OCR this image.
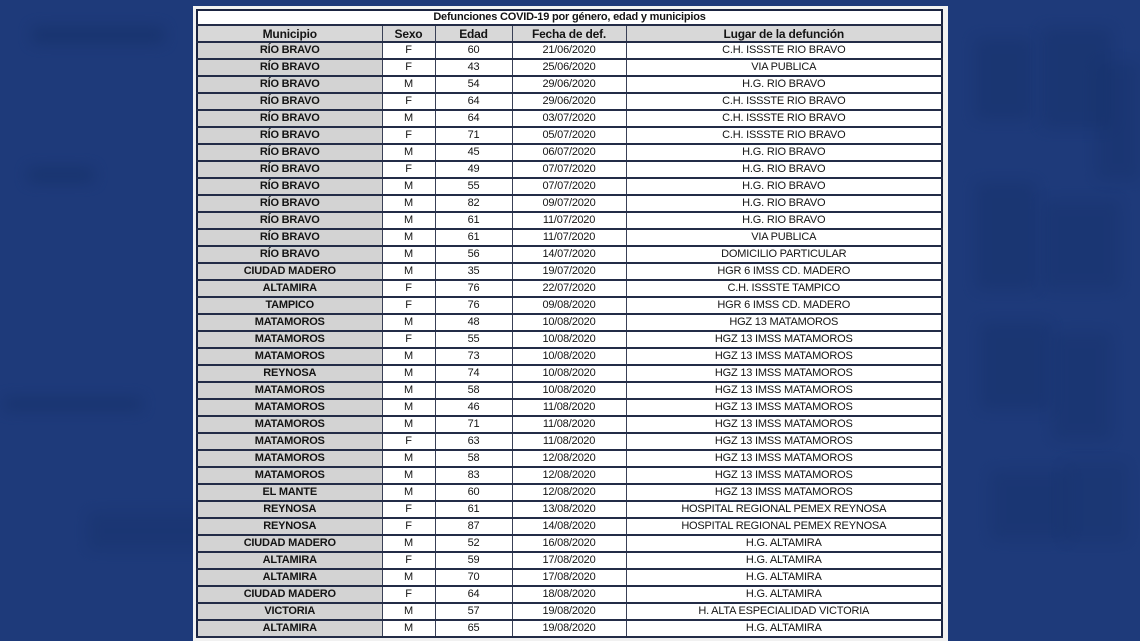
Defunciones COVID-19 por género, edad y municipios				
Municipio	Sexo	Edad	Fecha de def.	Lugar de la defunción
RÍO BRAVO	F	60	21/06/2020	C.H. ISSSTE RIO BRAVO
RÍO BRAVO	F	43	25/06/2020	VIA PUBLICA
RÍO BRAVO	M	54	29/06/2020	H.G. RIO BRAVO
RÍO BRAVO	F	64	29/06/2020	C.H. ISSSTE RIO BRAVO
RÍO BRAVO	M	64	03/07/2020	C.H. ISSSTE RIO BRAVO
RÍO BRAVO	F	71	05/07/2020	C.H. ISSSTE RIO BRAVO
RÍO BRAVO	M	45	06/07/2020	H.G. RIO BRAVO
RÍO BRAVO	F	49	07/07/2020	H.G. RIO BRAVO
RÍO BRAVO	M	55	07/07/2020	H.G. RIO BRAVO
RÍO BRAVO	M	82	09/07/2020	H.G. RIO BRAVO
RÍO BRAVO	M	61	11/07/2020	H.G. RIO BRAVO
RÍO BRAVO	M	61	11/07/2020	VIA PUBLICA
RÍO BRAVO	M	56	14/07/2020	DOMICILIO PARTICULAR
CIUDAD MADERO	M	35	19/07/2020	HGR 6 IMSS CD. MADERO
ALTAMIRA	F	76	22/07/2020	C.H. ISSSTE TAMPICO
TAMPICO	F	76	09/08/2020	HGR 6 IMSS CD. MADERO
MATAMOROS	M	48	10/08/2020	HGZ 13 MATAMOROS
MATAMOROS	F	55	10/08/2020	HGZ 13 IMSS MATAMOROS
MATAMOROS	M	73	10/08/2020	HGZ 13 IMSS MATAMOROS
REYNOSA	M	74	10/08/2020	HGZ 13 IMSS MATAMOROS
MATAMOROS	M	58	10/08/2020	HGZ 13 IMSS MATAMOROS
MATAMOROS	M	46	11/08/2020	HGZ 13 IMSS MATAMOROS
MATAMOROS	M	71	11/08/2020	HGZ 13 IMSS MATAMOROS
MATAMOROS	F	63	11/08/2020	HGZ 13 IMSS MATAMOROS
MATAMOROS	M	58	12/08/2020	HGZ 13 IMSS MATAMOROS
MATAMOROS	M	83	12/08/2020	HGZ 13 IMSS MATAMOROS
EL MANTE	M	60	12/08/2020	HGZ 13 IMSS MATAMOROS
REYNOSA	F	61	13/08/2020	HOSPITAL REGIONAL PEMEX REYNOSA
REYNOSA	F	87	14/08/2020	HOSPITAL REGIONAL PEMEX REYNOSA
CIUDAD MADERO	M	52	16/08/2020	H.G. ALTAMIRA
ALTAMIRA	F	59	17/08/2020	H.G. ALTAMIRA
ALTAMIRA	M	70	17/08/2020	H.G. ALTAMIRA
CIUDAD MADERO	F	64	18/08/2020	H.G. ALTAMIRA
VICTORIA	M	57	19/08/2020	H. ALTA ESPECIALIDAD VICTORIA
ALTAMIRA	M	65	19/08/2020	H.G. ALTAMIRA
